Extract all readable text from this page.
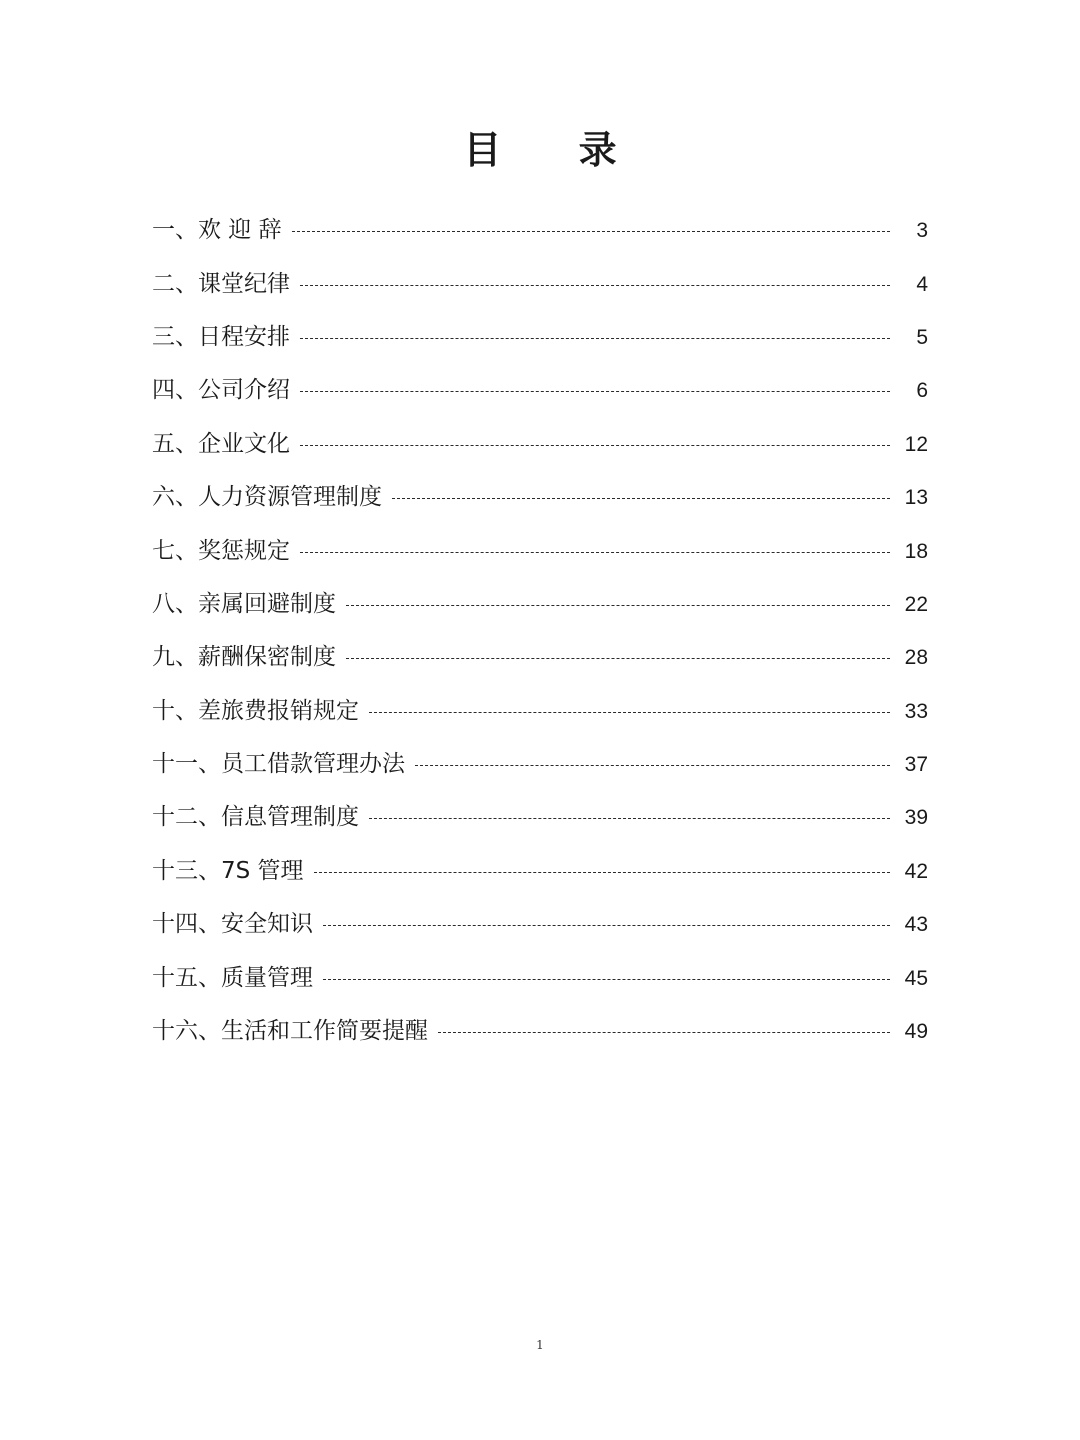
目 录
一、欢 迎 辞	3
二、课堂纪律	4
三、日程安排	5
四、公司介绍	6
五、企业文化	12
六、人力资源管理制度	13
七、奖惩规定	18
八、亲属回避制度	22
九、薪酬保密制度	28
十、差旅费报销规定	33
十一、员工借款管理办法	37
十二、信息管理制度	39
十三、7S 管理	42
十四、安全知识	43
十五、质量管理	45
十六、生活和工作简要提醒	49
1
